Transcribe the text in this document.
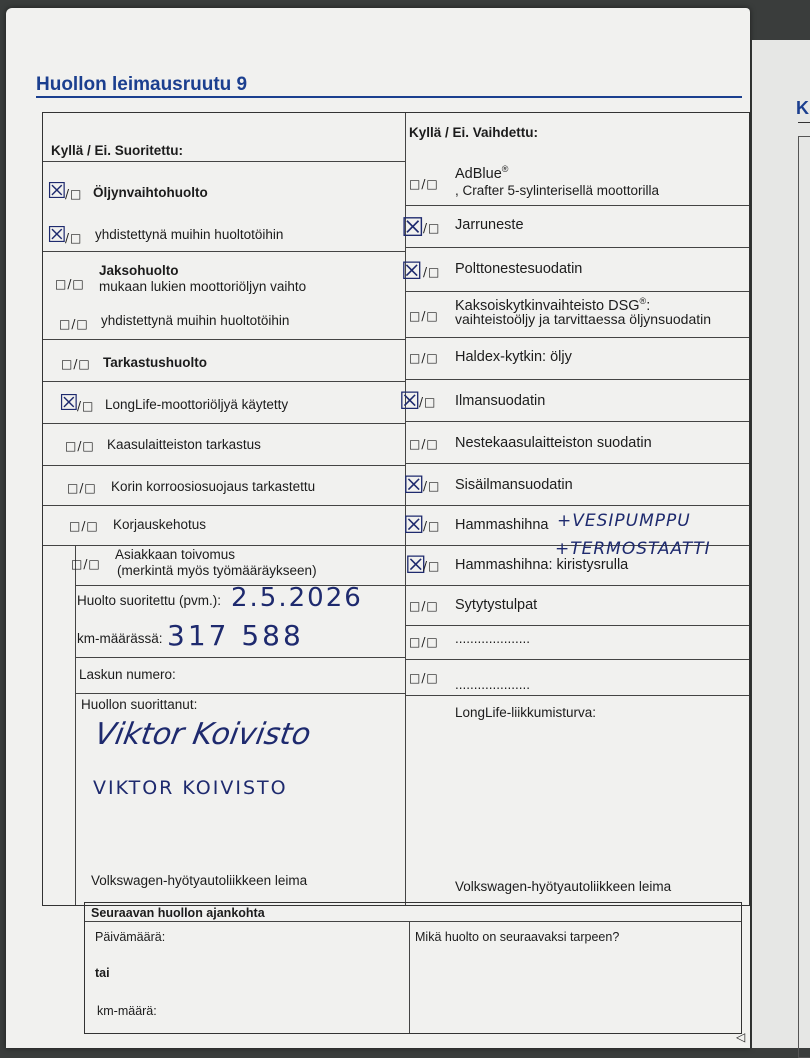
K
Huollon leimausruutu 9
Kyllä / Ei. Suoritettu:
Kyllä / Ei. Vaihdettu:
☒
/□ Öljynvaihtohuolto
☒
/□ yhdistettynä muihin huoltotöihin
□/□
Jaksohuolto
mukaan lukien moottoriöljyn vaihto
□/□ yhdistettynä muihin huoltotöihin
□/□ Tarkastushuolto
☒
/□ LongLife-moottoriöljyä käytetty
□/□ Kaasulaitteiston tarkastus
□/□ Korin korroosiosuojaus tarkastettu
□/□ Korjauskehotus
□/□
Asiakkaan toivomus
(merkintä myös työmääräykseen)
Huolto suoritettu (pvm.): 2.5.2026
km-määrässä: 317 588
Laskun numero:
Huollon suorittanut:
Viktor Koivisto
VIKTOR KOIVISTO
Volkswagen-hyötyautoliikkeen leima
□/□
AdBlue®
, Crafter 5-sylinterisellä moottorilla
☒
/□ Jarruneste
☒ /□ Polttonestesuodatin
□/□
Kaksoiskytkinvaihteisto DSG®:
vaihteistoöljy ja tarvittaessa öljynsuodatin
□/□ Haldex-kytkin: öljy
☒
/□ Ilmansuodatin
□/□ Nestekaasulaitteiston suodatin
☒
/□ Sisäilmansuodatin
☒
/□ Hammashihna +VESIPUMPPU
+TERMOSTAATTI
☒
/□ Hammashihna: kiristysrulla
□/□ Sytytystulpat
□/□ ....................
□/□ ....................
LongLife-liikkumisturva:
Volkswagen-hyötyautoliikkeen leima
Seuraavan huollon ajankohta
Päivämäärä:
tai
km-määrä:
Mikä huolto on seuraavaksi tarpeen?
◁
